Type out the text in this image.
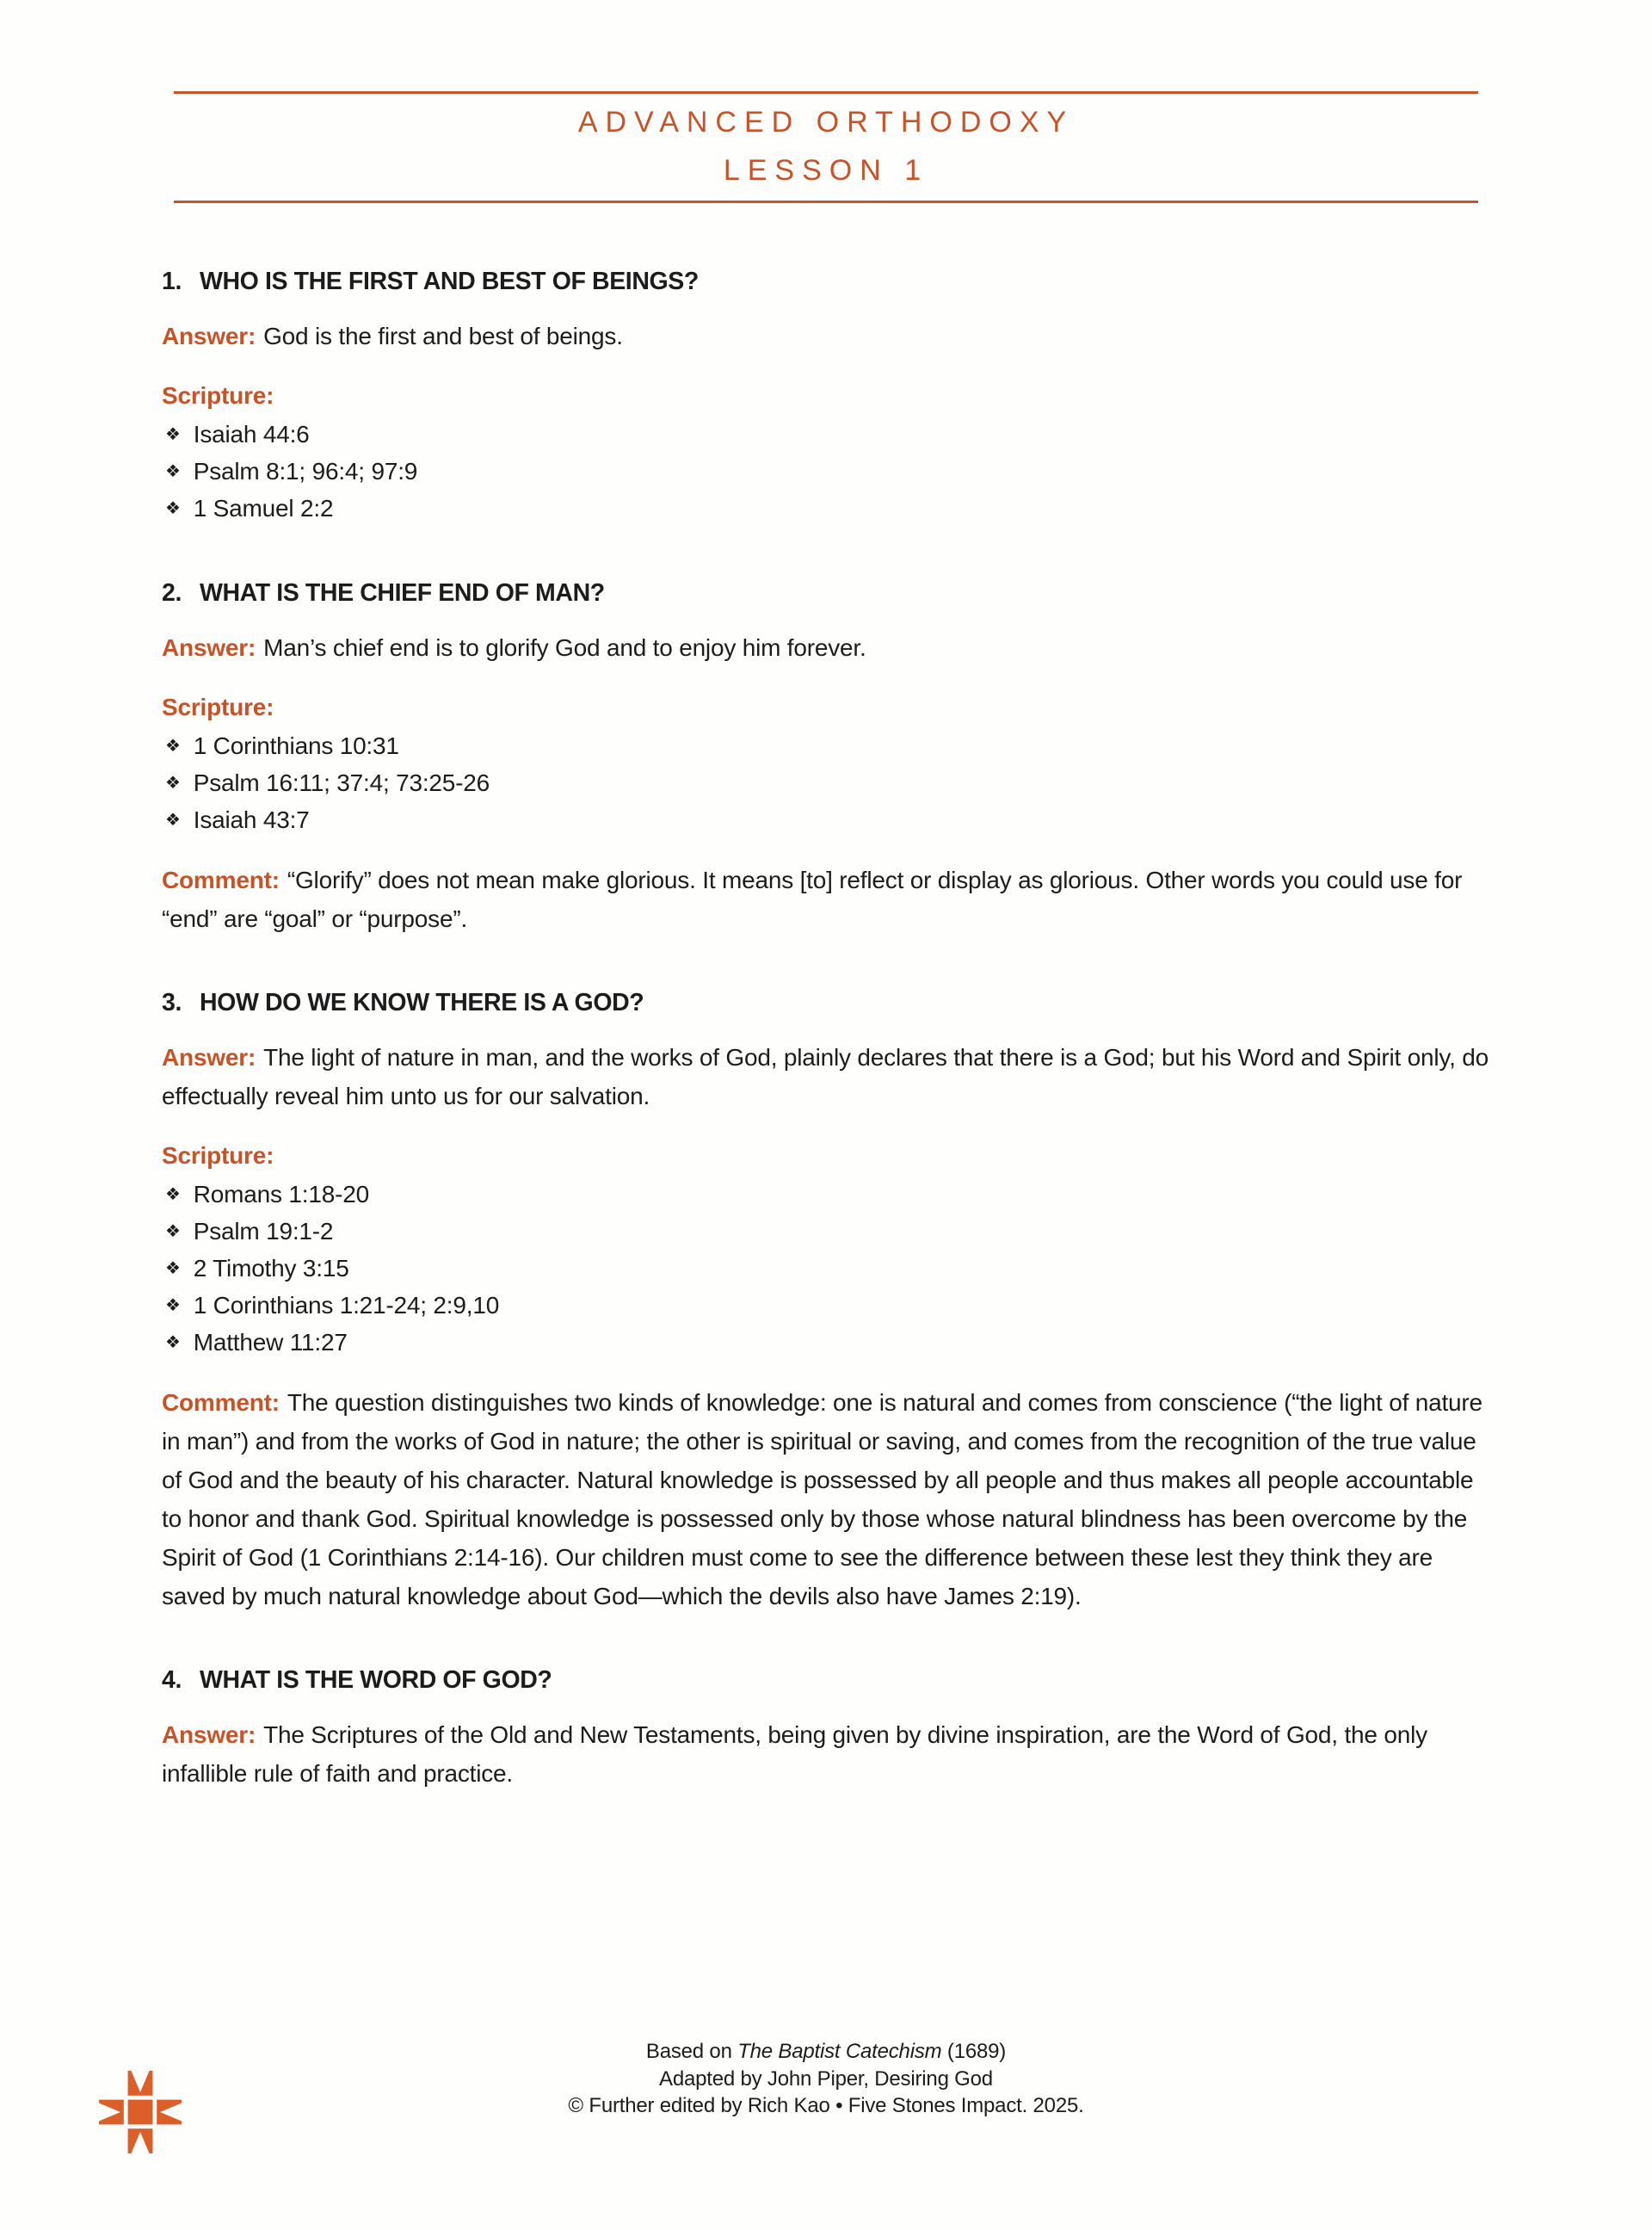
ADVANCED ORTHODOXY
LESSON 1
1. WHO IS THE FIRST AND BEST OF BEINGS?

Answer: God is the first and best of beings.

Scripture:

❖ Isaiah 44:6
❖ Psalm 8:1; 96:4; 97:9
❖ 1 Samuel 2:2
2. WHAT IS THE CHIEF END OF MAN?

Answer: Man’s chief end is to glorify God and to enjoy him forever.

Scripture:

❖ 1 Corinthians 10:31
❖ Psalm 16:11; 37:4; 73:25-26
❖ Isaiah 43:7

Comment: “Glorify” does not mean make glorious. It means [to] reflect or display as glorious. Other words you could use for “end” are “goal” or “purpose”.

3. HOW DO WE KNOW THERE IS A GOD?

Answer: The light of nature in man, and the works of God, plainly declares that there is a God; but his Word and Spirit only, do effectually reveal him unto us for our salvation.

Scripture:

❖ Romans 1:18-20
❖ Psalm 19:1-2
❖ 2 Timothy 3:15
❖ 1 Corinthians 1:21-24; 2:9,10
❖ Matthew 11:27

Comment: The question distinguishes two kinds of knowledge: one is natural and comes from conscience (“the light of nature in man”) and from the works of God in nature; the other is spiritual or saving, and comes from the recognition of the true value of God and the beauty of his character. Natural knowledge is possessed by all people and thus makes all people accountable to honor and thank God. Spiritual knowledge is possessed only by those whose natural blindness has been overcome by the Spirit of God (1 Corinthians 2:14-16). Our children must come to see the difference between these lest they think they are saved by much natural knowledge about God—which the devils also have James 2:19).

4. WHAT IS THE WORD OF GOD?

Answer: The Scriptures of the Old and New Testaments, being given by divine inspiration, are the Word of God, the only infallible rule of faith and practice.

Based on The Baptist Catechism (1689)
Adapted by John Piper, Desiring God
© Further edited by Rich Kao • Five Stones Impact. 2025.
